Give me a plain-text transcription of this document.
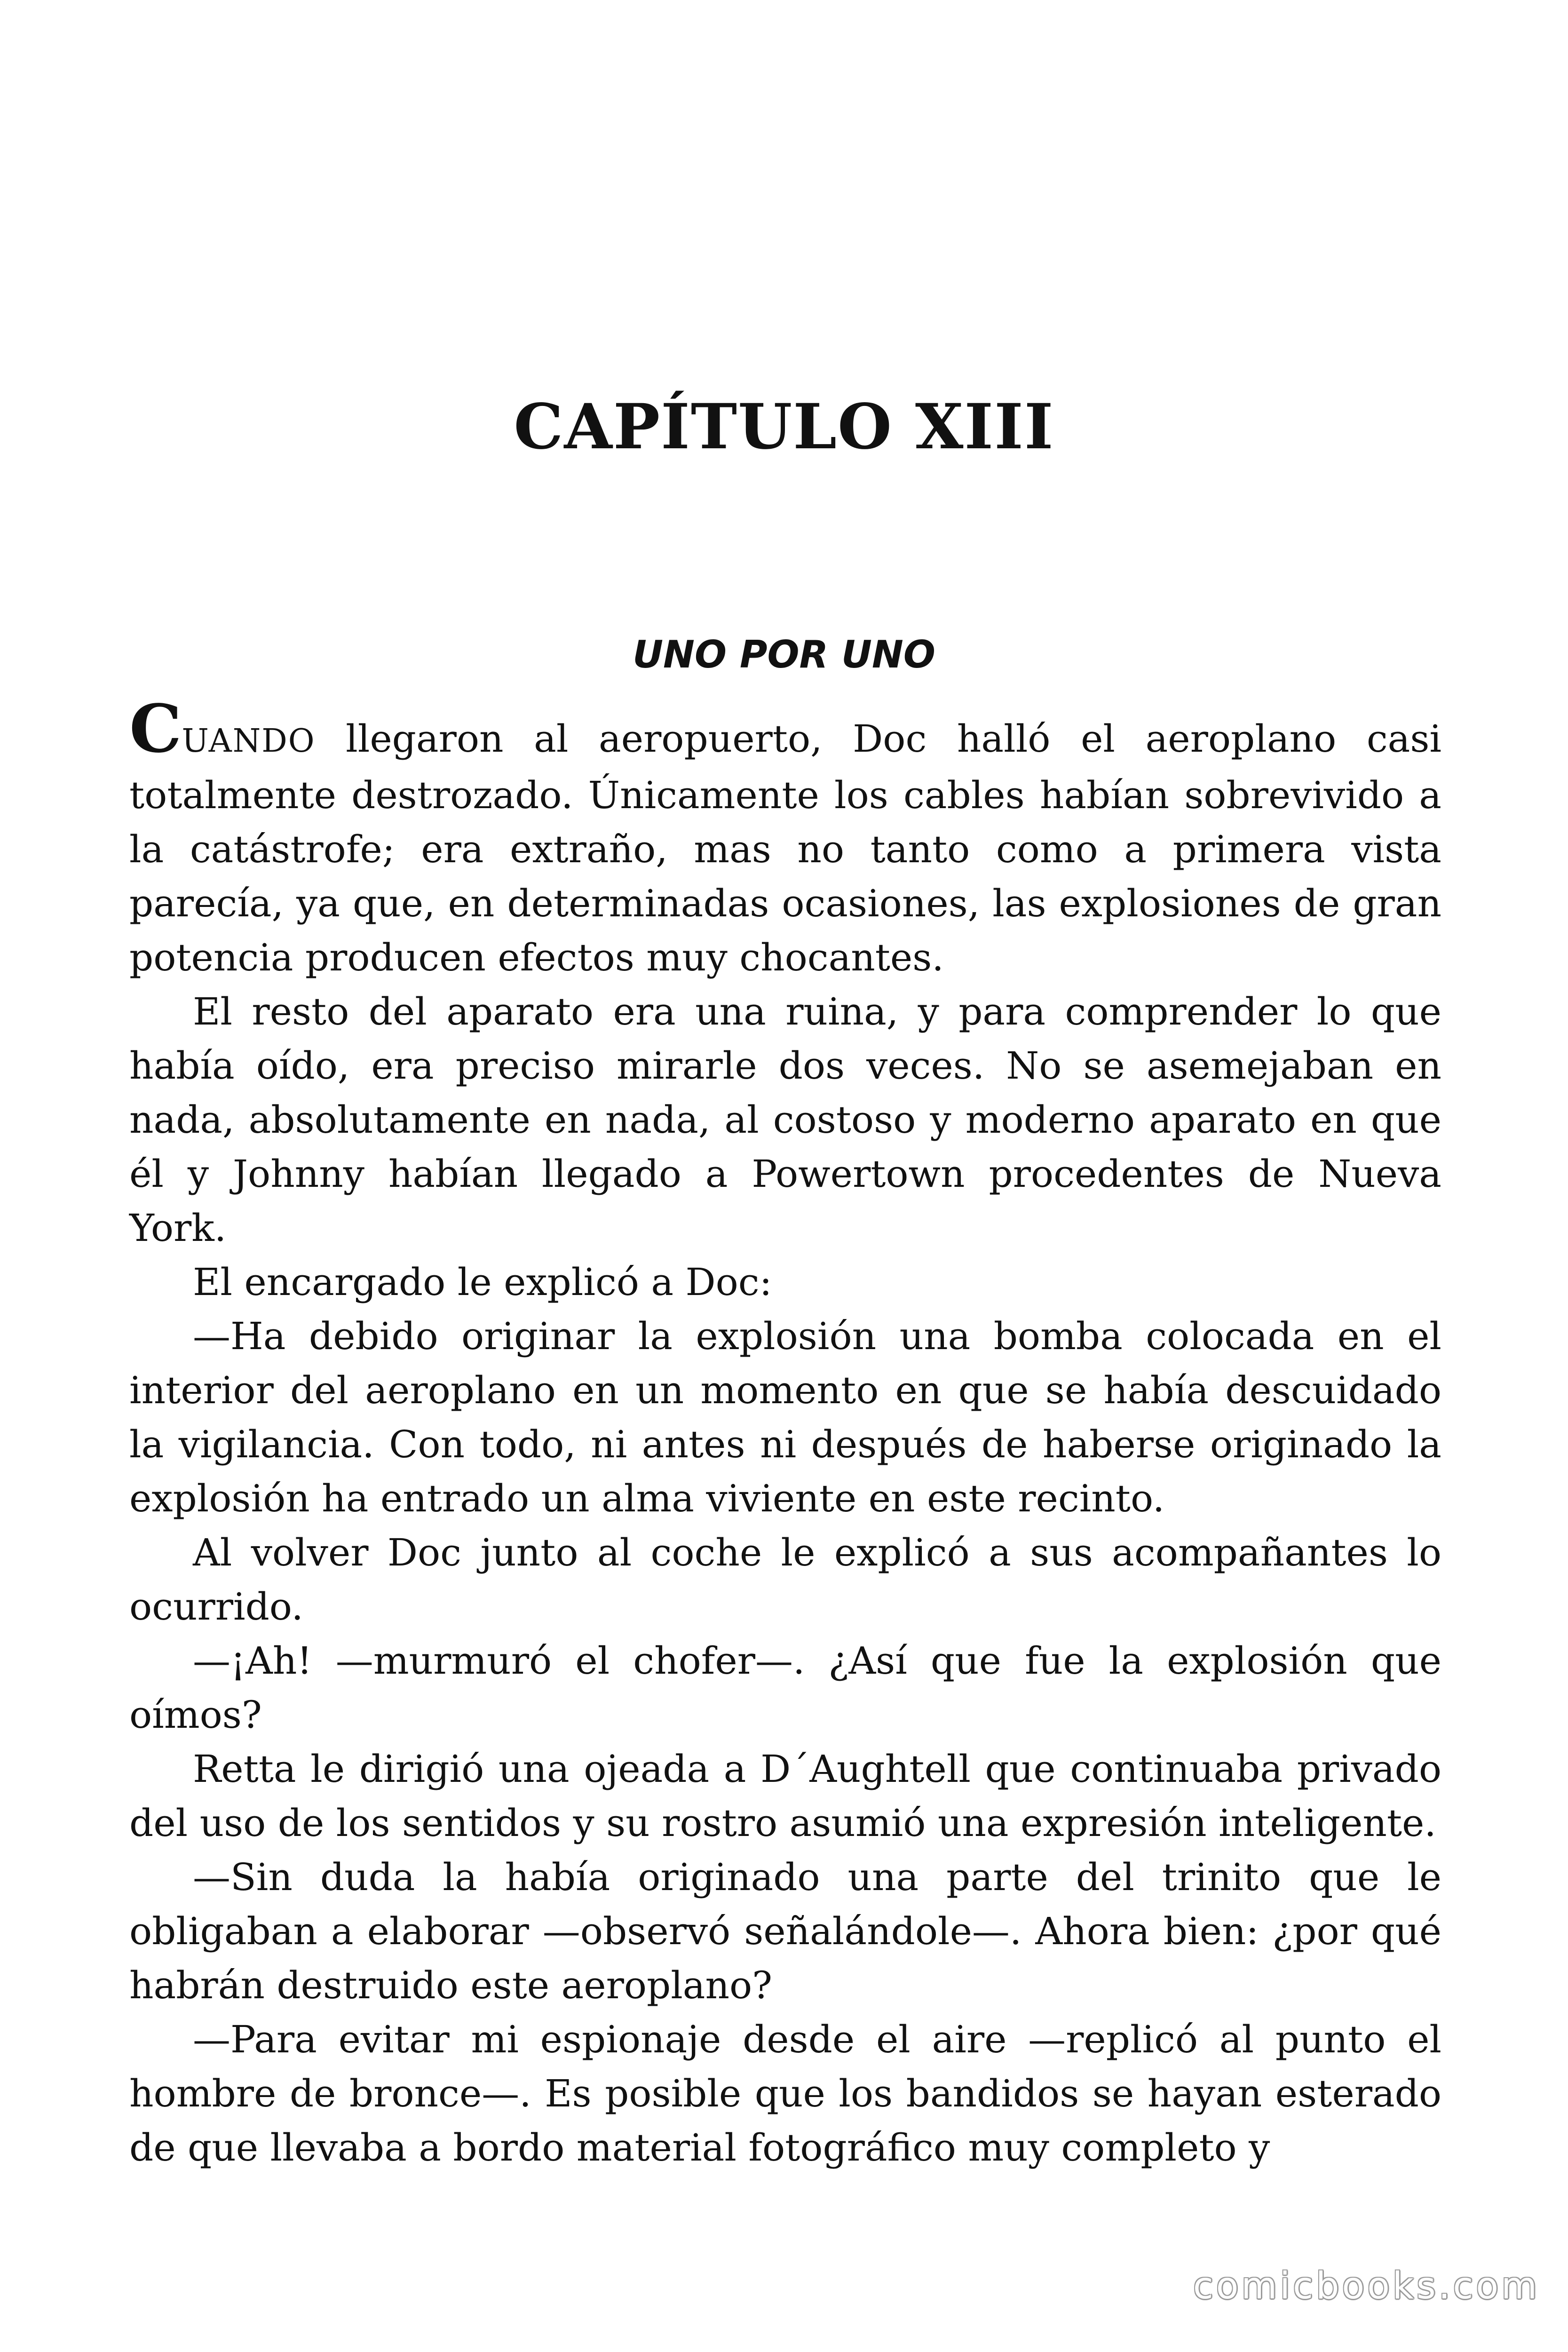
CAPÍTULO XIII
UNO POR UNO

CUANDO llegaron al aeropuerto, Doc halló el aeroplano casi totalmente destrozado. Únicamente los cables habían sobrevivido a la catástrofe; era extraño, mas no tanto como a primera vista parecía, ya que, en determinadas ocasiones, las explosiones de gran potencia producen efectos muy chocantes.

El resto del aparato era una ruina, y para comprender lo que había oído, era preciso mirarle dos veces. No se asemejaban en nada, absolutamente en nada, al costoso y moderno aparato en que él y Johnny habían llegado a Powertown procedentes de Nueva York.

El encargado le explicó a Doc:

—Ha debido originar la explosión una bomba colocada en el interior del aeroplano en un momento en que se había descuidado la vigilancia. Con todo, ni antes ni después de haberse originado la explosión ha entrado un alma viviente en este recinto.

Al volver Doc junto al coche le explicó a sus acompañantes lo ocurrido.

—¡Ah! —murmuró el chofer—. ¿Así que fue la explosión que oímos?

Retta le dirigió una ojeada a D´Aughtell que continuaba privado del uso de los sentidos y su rostro asumió una expresión inteligente.

—Sin duda la había originado una parte del trinito que le obligaban a elaborar —observó señalándole—. Ahora bien: ¿por qué habrán destruido este aeroplano?

—Para evitar mi espionaje desde el aire —replicó al punto el hombre de bronce—. Es posible que los bandidos se hayan esterado de que llevaba a bordo material fotográfico muy completo y

comicbooks.com
